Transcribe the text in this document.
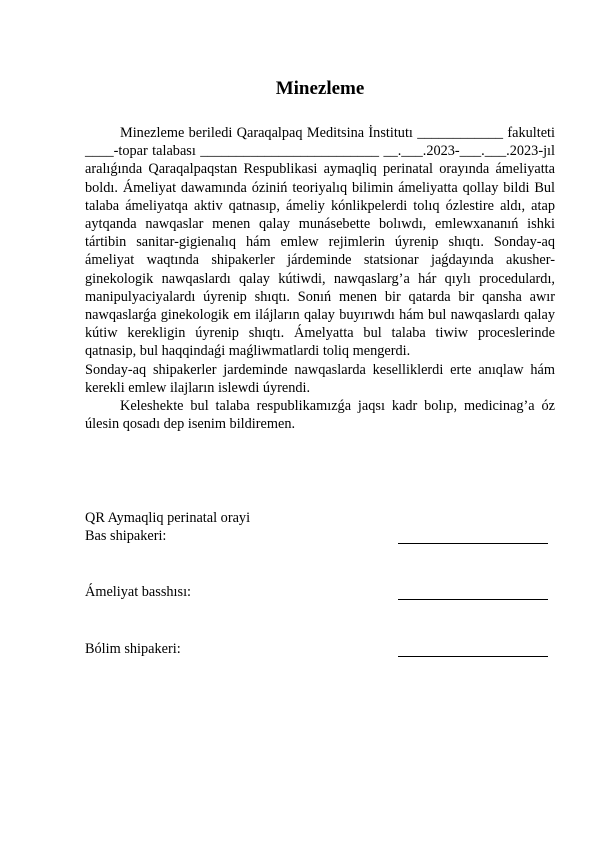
Minezleme

Minezleme beriledi Qaraqalpaq Meditsina İnstitutı ____________ fakulteti ____-topar talabası _________________________ __.___.2023-___.___.2023-jıl aralıǵında Qaraqalpaqstan Respublikasi aymaqliq perinatal orayında ámeliyatta boldı. Ámeliyat dawamında óziniń teoriyalıq bilimin ámeliyatta qollay bildi Bul talaba ámeliyatqa aktiv qatnasıp, ámeliy kónlikpelerdi tolıq ózlestire aldı, atap aytqanda nawqaslar menen qalay munásebette bolıwdı, emlewxananıń ishki tártibin sanitar-gigienalıq hám emlew rejimlerin úyrenip shıqtı. Sonday-aq ámeliyat waqtında shipakerler járdeminde statsionar jaǵdayında akusher-ginekologik nawqaslardı qalay kútiwdi, nawqaslarg’a hár qıylı procedulardı, manipulyaciyalardı úyrenip shıqtı. Sonıń menen bir qatarda bir qansha awır nawqaslarǵa ginekologik em ilájların qalay buyırıwdı hám bul nawqaslardı qalay kútiw kerekligin úyrenip shıqtı. Ámelyatta bul talaba tiwiw proceslerinde qatnasip, bul haqqindaǵi maǵliwmatlardi toliq mengerdi.

Sonday-aq shipakerler jardeminde nawqaslarda keselliklerdi erte anıqlaw hám kerekli emlew ilajların islewdi úyrendi.

Keleshekte bul talaba respublikamızǵa jaqsı kadr bolıp, medicinag’a óz úlesin qosadı dep isenim bildiremen.

QR Aymaqliq perinatal orayi
Bas shipakeri:
Ámeliyat basshısı:
Bólim shipakeri:
